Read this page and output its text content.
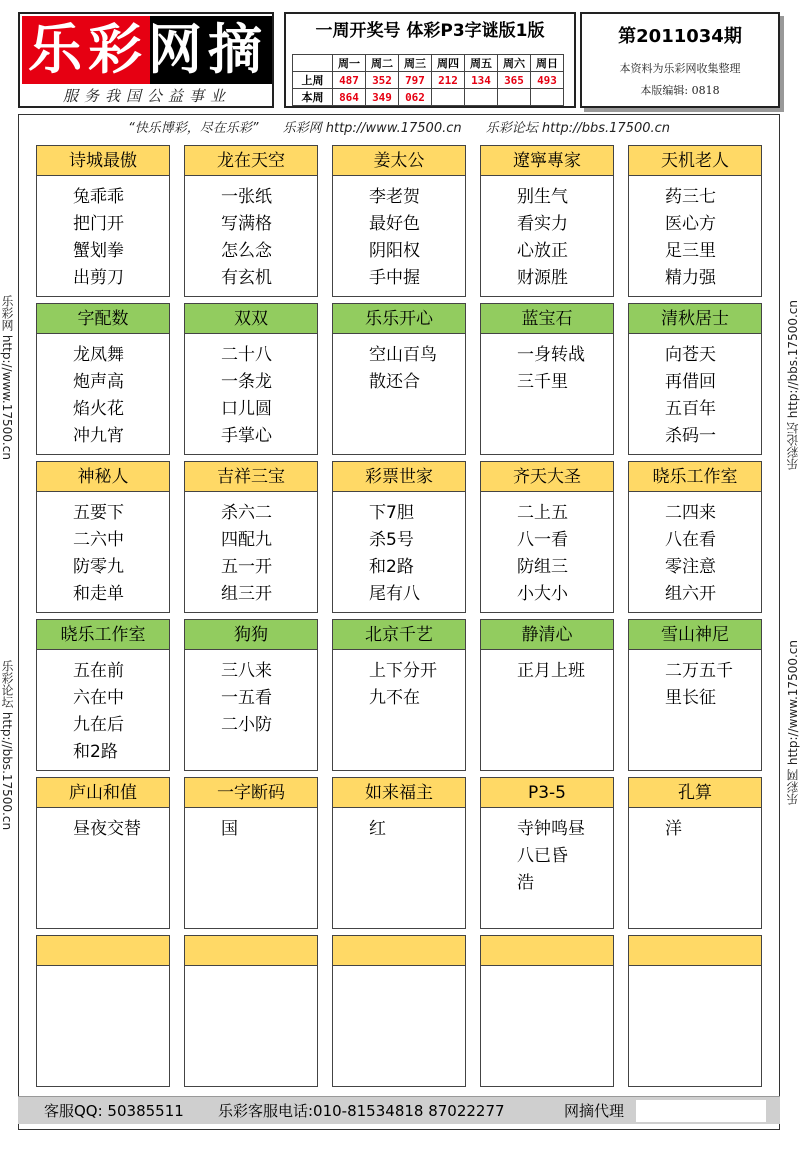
乐彩网摘
服务我国公益事业
一周开奖号 体彩P3字谜版1版
	周一	周二	周三	周四	周五	周六	周日
上周	487	352	797	212	134	365	493
本周	864	349	062				
第2011034期
本资料为乐彩网收集整理
本版编辑: 0818
“快乐博彩，尽在乐彩” 乐彩网 http://www.17500.cn 乐彩论坛 http://bbs.17500.cn
乐彩网 http://www.17500.cn
乐彩论坛 http://bbs.17500.cn
乐彩论坛 http://bbs.17500.cn
乐彩网 http://www.17500.cn
诗城最傲
兔乖乖
把门开
蟹划拳
出剪刀
龙在天空
一张纸
写满格
怎么念
有玄机
姜太公
李老贺
最好色
阴阳权
手中握
遼寧專家
别生气
看实力
心放正
财源胜
天机老人
药三七
医心方
足三里
精力强
字配数
龙凤舞
炮声高
焰火花
冲九宵
双双
二十八
一条龙
口儿圆
手掌心
乐乐开心
空山百鸟
散还合
蓝宝石
一身转战
三千里
清秋居士
向苍天
再借回
五百年
杀码一
神秘人
五要下
二六中
防零九
和走单
吉祥三宝
杀六二
四配九
五一开
组三开
彩票世家
下7胆
杀5号
和2路
尾有八
齐天大圣
二上五
八一看
防组三
小大小
晓乐工作室
二四来
八在看
零注意
组六开
晓乐工作室
五在前
六在中
九在后
和2路
狗狗
三八来
一五看
二小防
北京千艺
上下分开
九不在
静清心
正月上班
雪山神尼
二万五千
里长征
庐山和值
昼夜交替
一字断码
国
如来福主
红
P3-5
寺钟鸣昼
八已昏
浩
孔算
洋
客服QQ: 50385511 乐彩客服电话:010-81534818 87022277	网摘代理
